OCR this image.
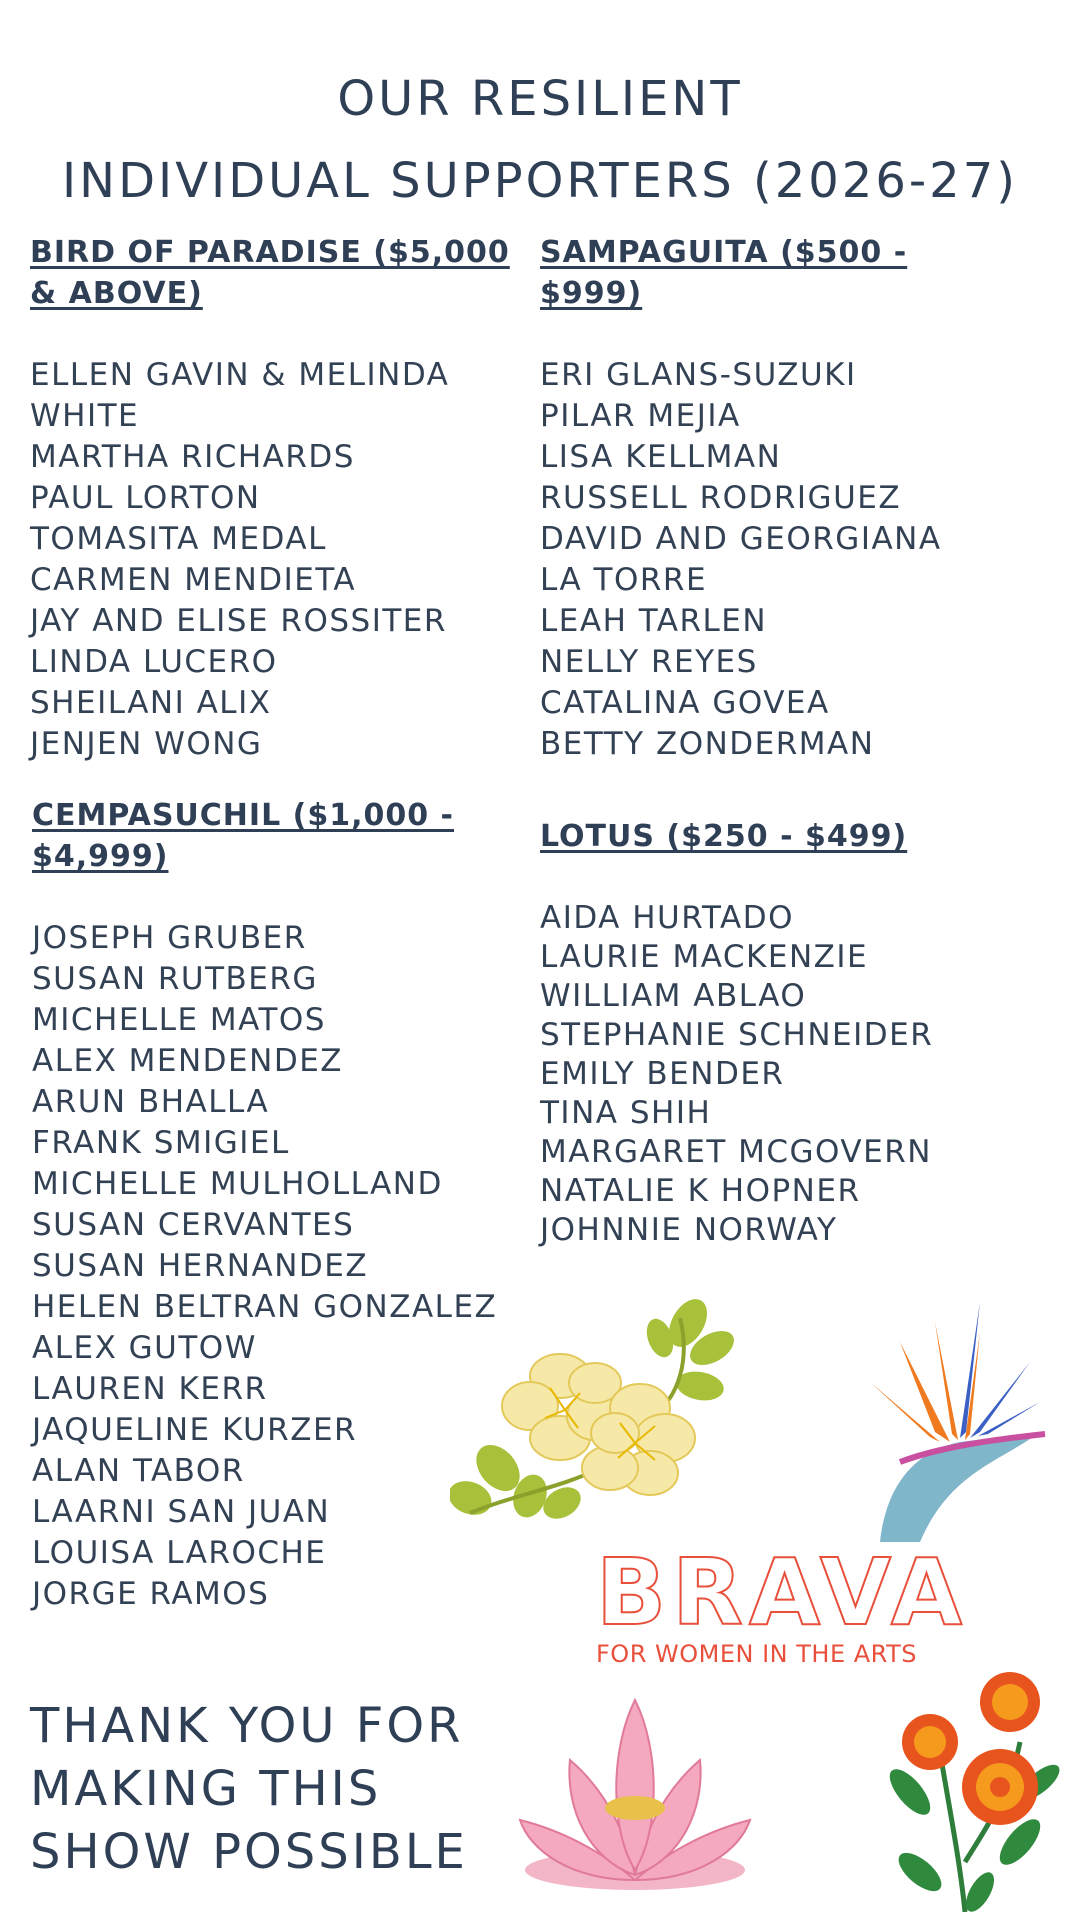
OUR RESILIENT
INDIVIDUAL SUPPORTERS (2026-27)
BIRD OF PARADISE ($5,000
& ABOVE)
ELLEN GAVIN & MELINDA
WHITE
MARTHA RICHARDS
PAUL LORTON
TOMASITA MEDAL
CARMEN MENDIETA
JAY AND ELISE ROSSITER
LINDA LUCERO
SHEILANI ALIX
JENJEN WONG
SAMPAGUITA ($500 -
$999)
ERI GLANS-SUZUKI
PILAR MEJIA
LISA KELLMAN
RUSSELL RODRIGUEZ
DAVID AND GEORGIANA
LA TORRE
LEAH TARLEN
NELLY REYES
CATALINA GOVEA
BETTY ZONDERMAN
CEMPASUCHIL ($1,000 -
$4,999)
JOSEPH GRUBER
SUSAN RUTBERG
MICHELLE MATOS
ALEX MENDENDEZ
ARUN BHALLA
FRANK SMIGIEL
MICHELLE MULHOLLAND
SUSAN CERVANTES
SUSAN HERNANDEZ
HELEN BELTRAN GONZALEZ
ALEX GUTOW
LAUREN KERR
JAQUELINE KURZER
ALAN TABOR
LAARNI SAN JUAN
LOUISA LAROCHE
JORGE RAMOS
LOTUS ($250 - $499)
AIDA HURTADO
LAURIE MACKENZIE
WILLIAM ABLAO
STEPHANIE SCHNEIDER
EMILY BENDER
TINA SHIH
MARGARET MCGOVERN
NATALIE K HOPNER
JOHNNIE NORWAY
BRAVA
FOR WOMEN IN THE ARTS
THANK YOU FOR
MAKING THIS
SHOW POSSIBLE
